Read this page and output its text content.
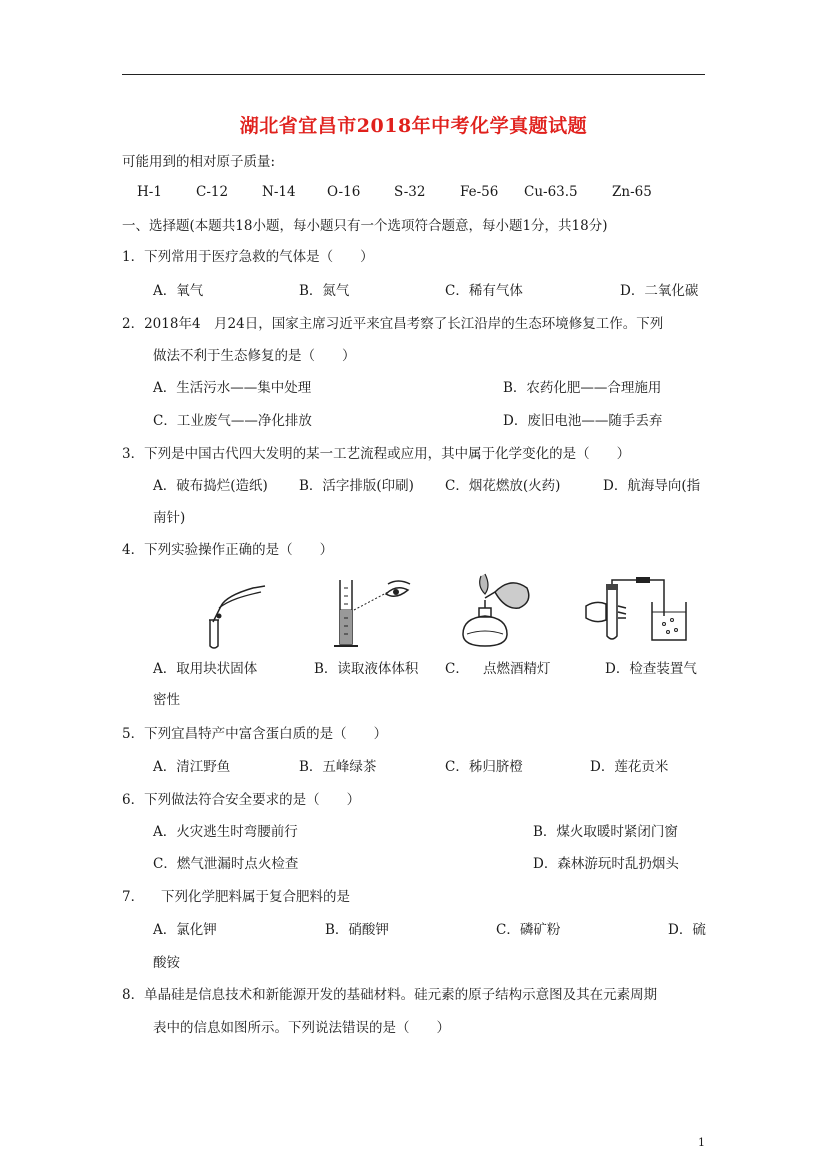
湖北省宜昌市2018年中考化学真题试题
可能用到的相对原子质量:
H-1	C-12	N-14 O-16 S-32	Fe-56 Cu-63.5	Zn-65
一、选择题(本题共18小题，每小题只有一个选项符合题意，每小题1分，共18分)
1．下列常用于医疗急救的气体是（　　）
A．氧气	B．氮气	C．稀有气体	D．二氧化碳
2．2018年4　月24日，国家主席习近平来宜昌考察了长江沿岸的生态环境修复工作。下列
做法不利于生态修复的是（　　）
A．生活污水——集中处理	B．农药化肥——合理施用
C．工业废气——净化排放	D．废旧电池——随手丢弃
3．下列是中国古代四大发明的某一工艺流程或应用，其中属于化学变化的是（　　）
A．破布捣烂(造纸) B．活字排版(印刷) C．烟花燃放(火药)	D．航海导向(指
南针)
4．下列实验操作正确的是（　　）
A．取用块状固体	B．读取液体体积 C． 点燃酒精灯	D．检查装置气
密性
5．下列宜昌特产中富含蛋白质的是（　　）
A．清江野鱼	B．五峰绿茶	C．秭归脐橙	D．莲花贡米
6．下列做法符合安全要求的是（　　）
A．火灾逃生时弯腰前行	B．煤火取暖时紧闭门窗
C．燃气泄漏时点火检查	D．森林游玩时乱扔烟头
7． 下列化学肥料属于复合肥料的是
A．氯化钾	B．硝酸钾	C．磷矿粉	D．硫
酸铵
8．单晶硅是信息技术和新能源开发的基础材料。硅元素的原子结构示意图及其在元素周期
表中的信息如图所示。下列说法错误的是（　　）
1
